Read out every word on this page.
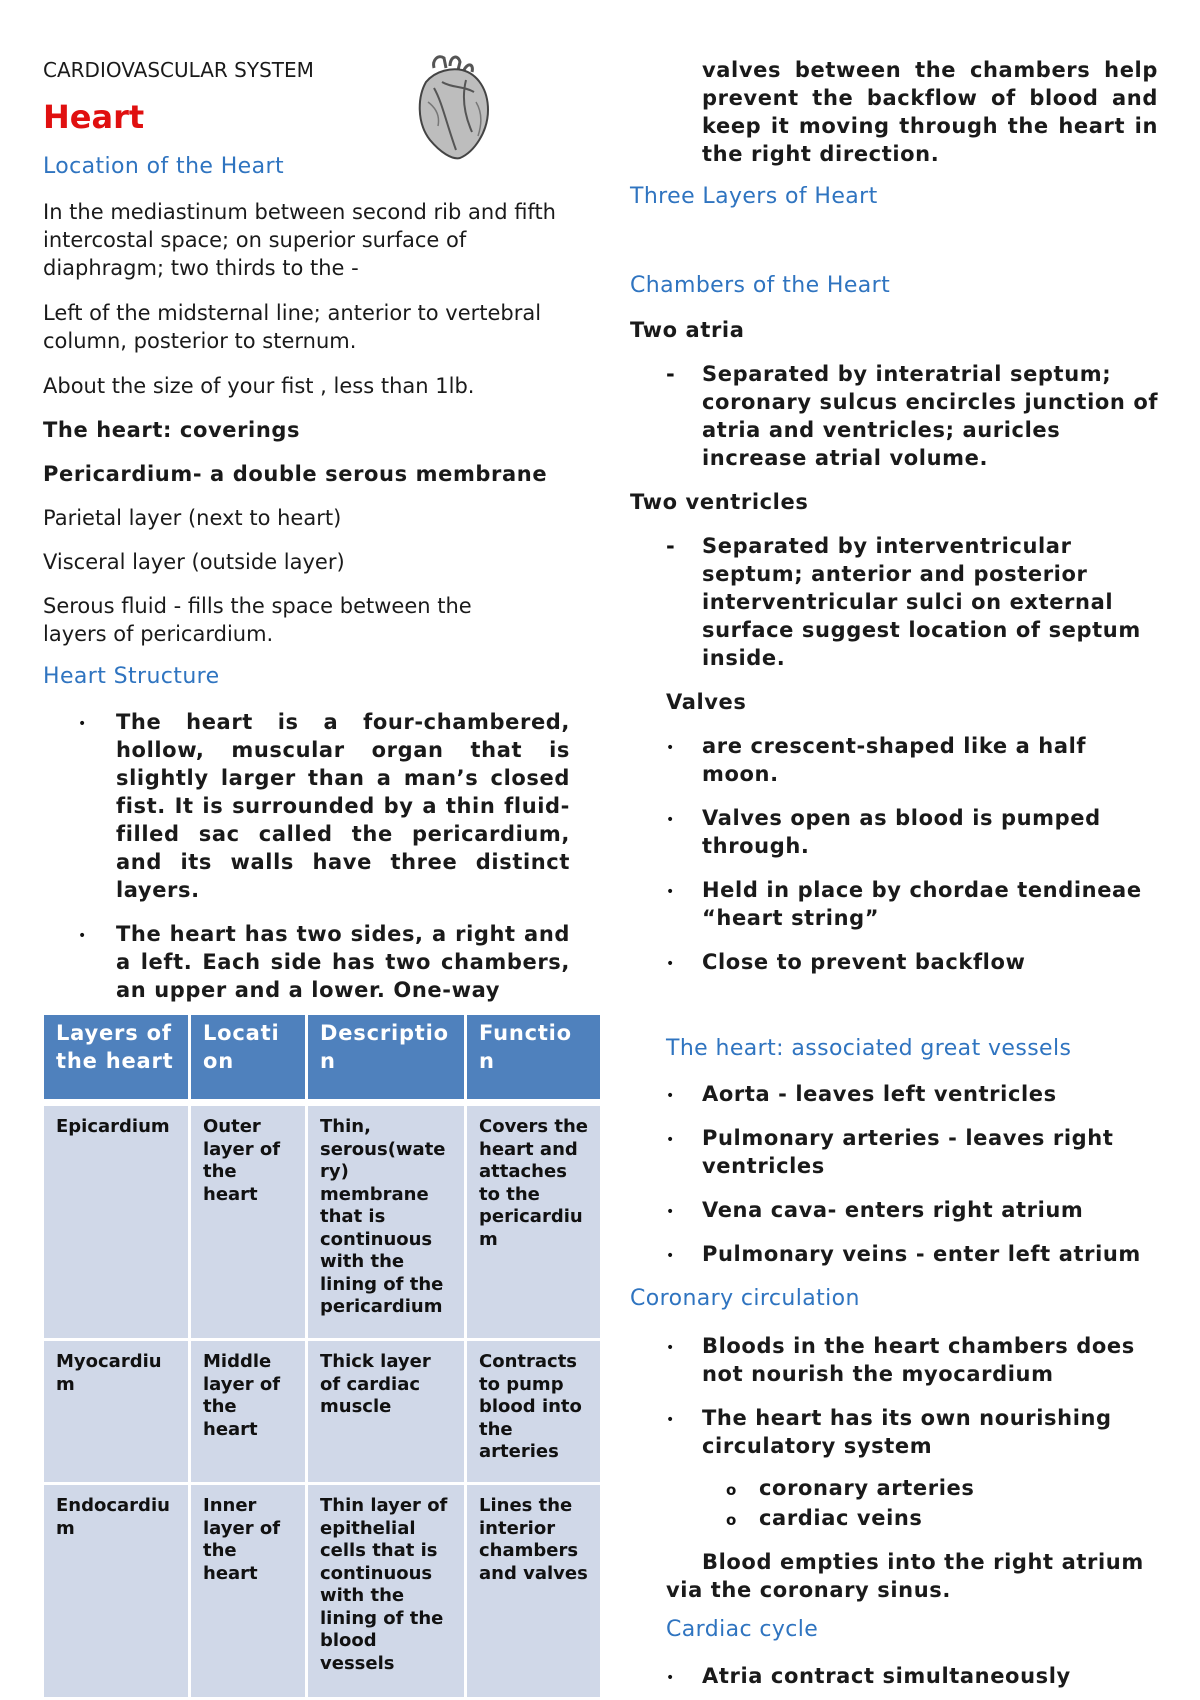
CARDIOVASCULAR SYSTEM
Heart
Location of the Heart

In the mediastinum between second rib and fifth intercostal space; on superior surface of diaphragm; two thirds to the -

Left of the midsternal line; anterior to vertebral column, posterior to sternum.

About the size of your fist , less than 1lb.

The heart: coverings

Pericardium- a double serous membrane

Parietal layer (next to heart)

Visceral layer (outside layer)

Serous fluid - fills the space between the layers of pericardium.

Heart Structure
• The heart is a four-chambered, hollow, muscular organ that is slightly larger than a man’s closed fist. It is surrounded by a thin fluid-filled sac called the pericardium, and its walls have three distinct layers.

• The heart has two sides, a right and a left. Each side has two chambers, an upper and a lower. One-way

Layers of the heart	Locati on	Descriptio n	Functio n

Epicardium	Outer layer of the heart	Thin, serous(wate ry) membrane that is continuous with the lining of the pericardium	Covers the heart and attaches to the pericardiu m
Myocardiu m	Middle layer of the heart	Thick layer of cardiac muscle	Contracts to pump blood into the arteries
Endocardiu m	Inner layer of the heart	Thin layer of epithelial cells that is continuous with the lining of the blood vessels	Lines the interior chambers and valves

valves between the chambers help prevent the backflow of blood and keep it moving through the heart in the right direction.

Three Layers of Heart
Chambers of the Heart

Two atria

- Separated by interatrial septum; coronary sulcus encircles junction of atria and ventricles; auricles increase atrial volume.

Two ventricles

- Separated by interventricular septum; anterior and posterior interventricular sulci on external surface suggest location of septum inside.

Valves

• are crescent-shaped like a half moon.

• Valves open as blood is pumped through.

• Held in place by chordae tendineae “heart string”

• Close to prevent backflow

The heart: associated great vessels
• Aorta - leaves left ventricles

• Pulmonary arteries - leaves right ventricles

• Vena cava- enters right atrium

• Pulmonary veins - enter left atrium

Coronary circulation
• Bloods in the heart chambers does not nourish the myocardium

• The heart has its own nourishing circulatory system

o coronary arteries

o cardiac veins

Blood empties into the right atrium via the coronary sinus.

Cardiac cycle
• Atria contract simultaneously
